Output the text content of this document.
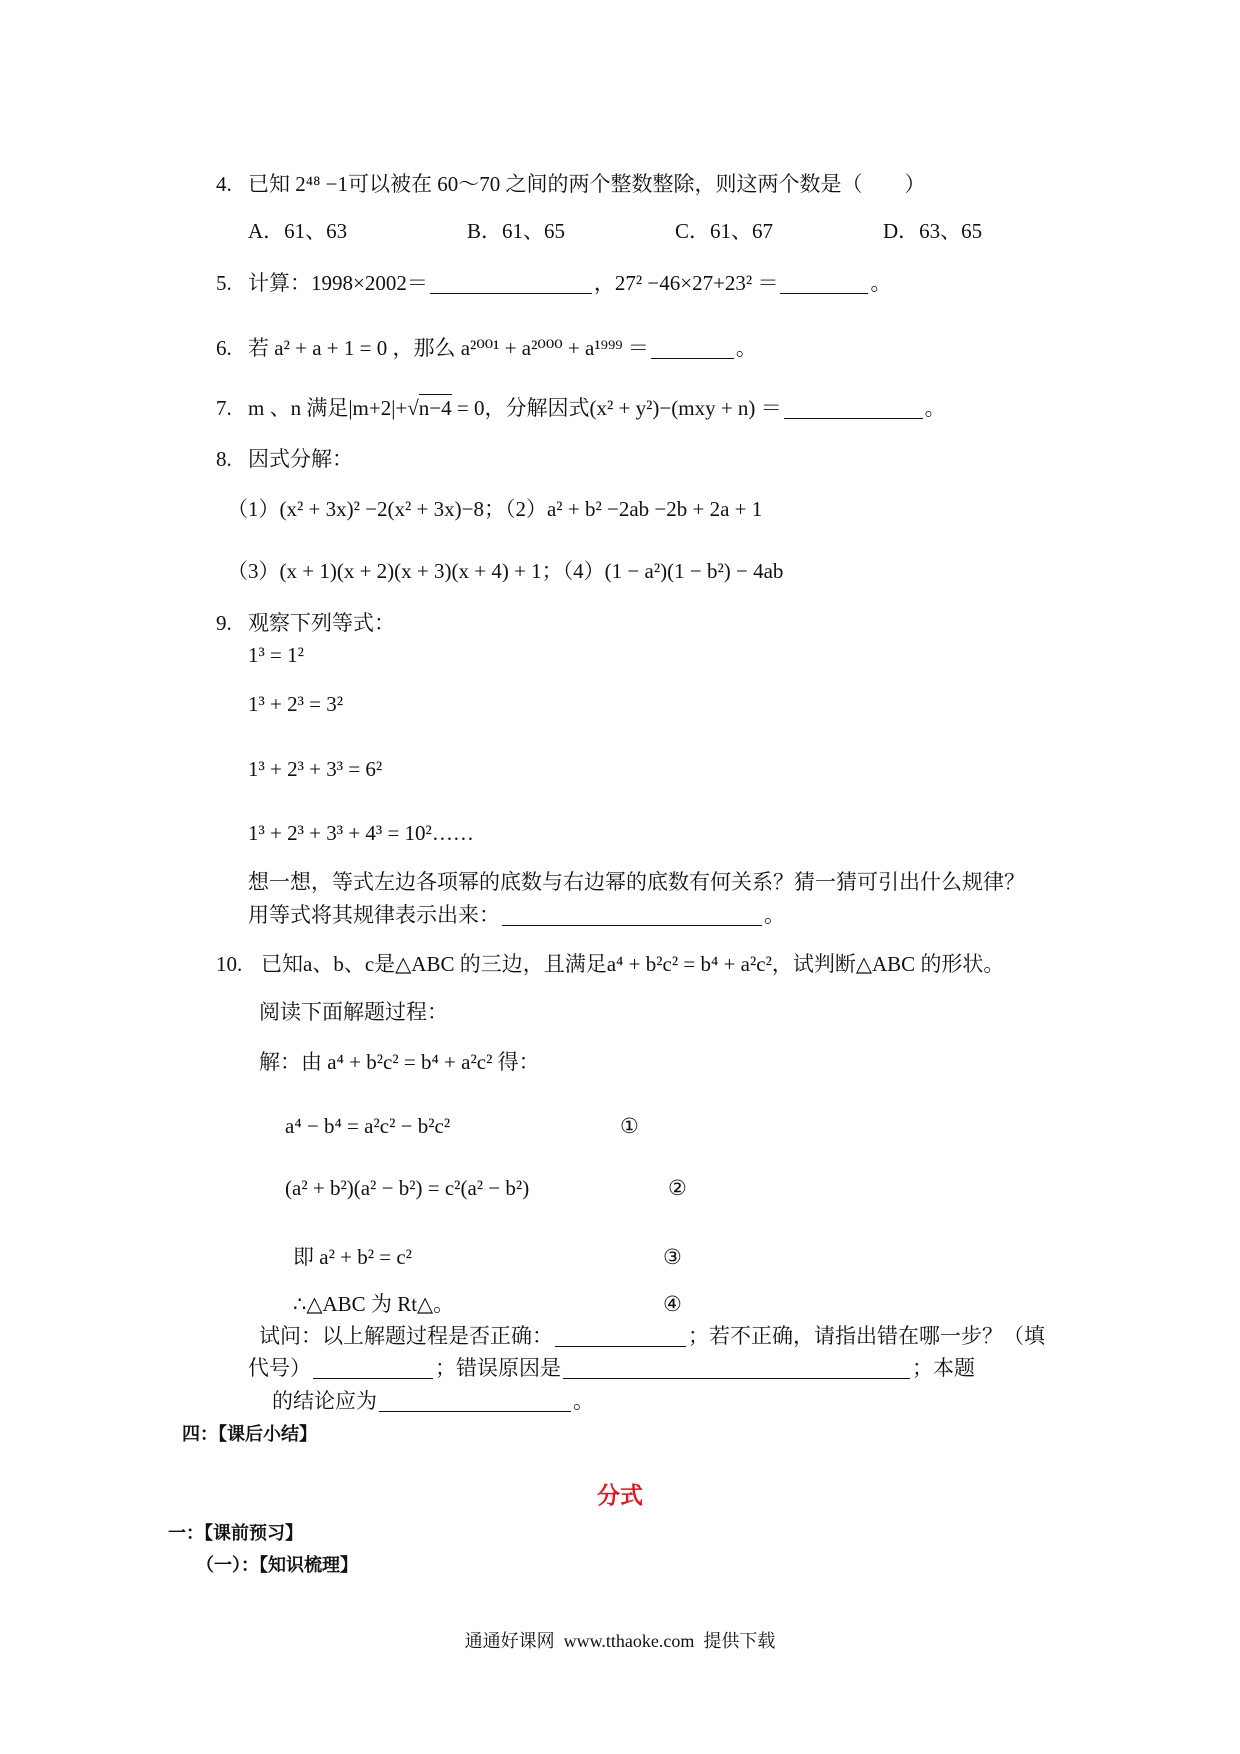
4. 已知 2⁴⁸ −1可以被在 60～70 之间的两个整数整除，则这两个数是（　　）
A．61、63	B．61、65	C．61、67	D．63、65
5. 计算：1998×2002＝	，27² −46×27+23² ＝	。
6. 若 a² + a + 1 = 0 ，那么 a²⁰⁰¹ + a²⁰⁰⁰ + a¹⁹⁹⁹ ＝	。
7. m 、n 满足|m+2|+√n−4 = 0，分解因式(x² + y²)−(mxy + n) ＝	。
8. 因式分解：
（1）(x² + 3x)² −2(x² + 3x)−8；（2）a² + b² −2ab −2b + 2a + 1
（3）(x + 1)(x + 2)(x + 3)(x + 4) + 1；（4）(1 − a²)(1 − b²) − 4ab
9. 观察下列等式：
1³ = 1²
1³ + 2³ = 3²
1³ + 2³ + 3³ = 6²
1³ + 2³ + 3³ + 4³ = 10²……
想一想，等式左边各项幂的底数与右边幂的底数有何关系？猜一猜可引出什么规律？
用等式将其规律表示出来：	。
10. 已知a、b、c是△ABC 的三边，且满足a⁴ + b²c² = b⁴ + a²c²，试判断△ABC 的形状。
阅读下面解题过程：
解：由 a⁴ + b²c² = b⁴ + a²c² 得：
a⁴ − b⁴ = a²c² − b²c²	①
(a² + b²)(a² − b²) = c²(a² − b²)	②
即 a² + b² = c²	③
∴△ABC 为 Rt△。	④
试问：以上解题过程是否正确：	；若不正确，请指出错在哪一步？（填
代号）	；错误原因是	；本题
的结论应为	。
四：【课后小结】
分式
一：【课前预习】
（一）：【知识梳理】
通通好课网  www.tthaoke.com  提供下载
